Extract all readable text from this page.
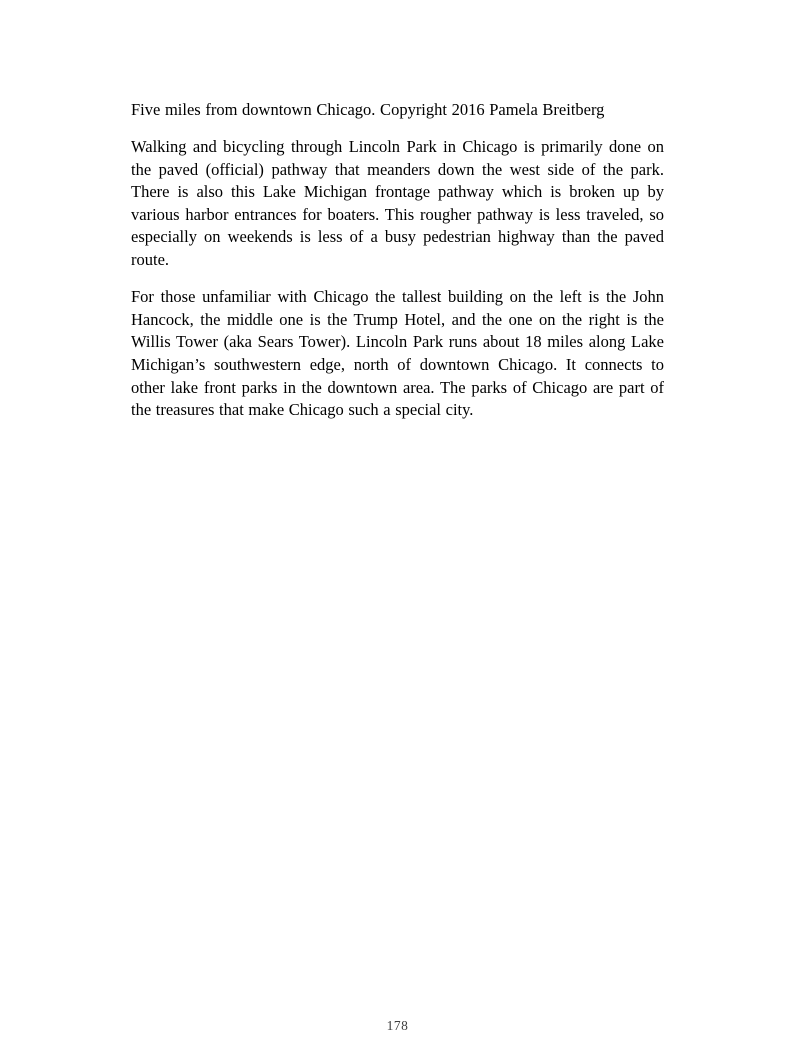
Five miles from downtown Chicago. Copyright 2016 Pamela Breitberg

Walking and bicycling through Lincoln Park in Chicago is primarily done on the paved (official) pathway that meanders down the west side of the park. There is also this Lake Michigan frontage pathway which is broken up by various harbor entrances for boaters. This rougher pathway is less traveled, so especially on weekends is less of a busy pedestrian highway than the paved route.

For those unfamiliar with Chicago the tallest building on the left is the John Hancock, the middle one is the Trump Hotel, and the one on the right is the Willis Tower (aka Sears Tower). Lincoln Park runs about 18 miles along Lake Michigan’s southwestern edge, north of downtown Chicago. It connects to other lake front parks in the downtown area. The parks of Chicago are part of the treasures that make Chicago such a special city.

178
